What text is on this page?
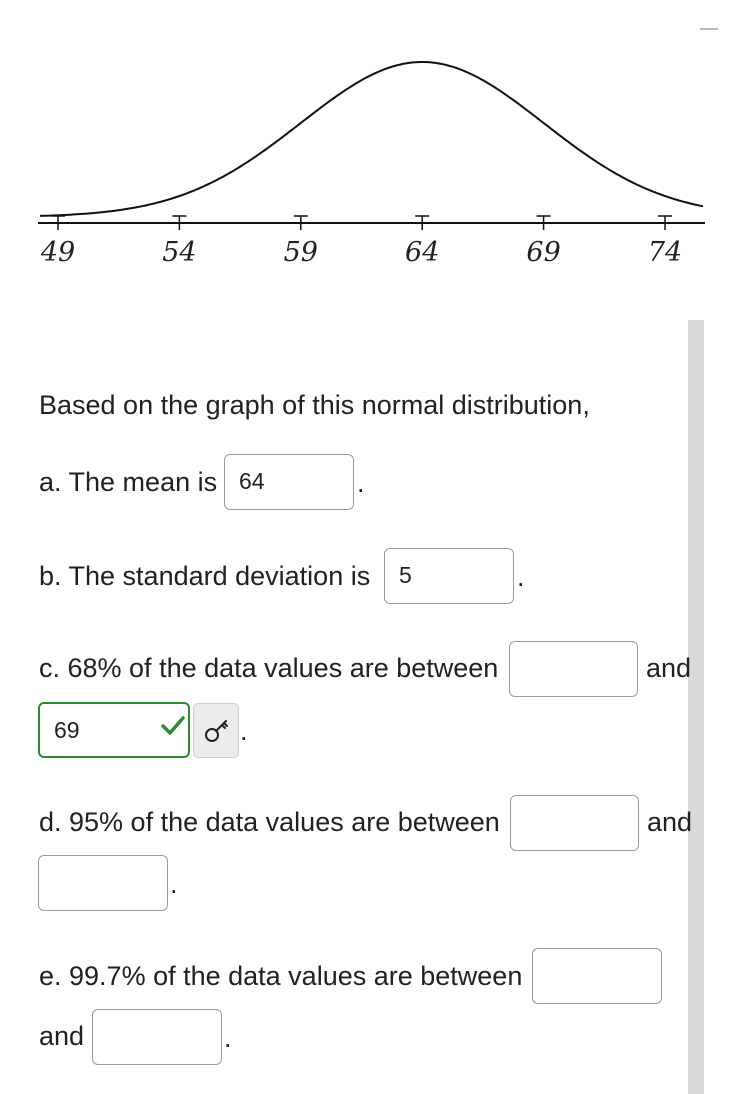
49	54	59	64	69	74
Based on the graph of this normal distribution,
a. The mean is 64	.
b. The standard deviation is 5	.
c. 68% of the data values are between	and
69	.
d. 95% of the data values are between	and
.
e. 99.7% of the data values are between
and	.
